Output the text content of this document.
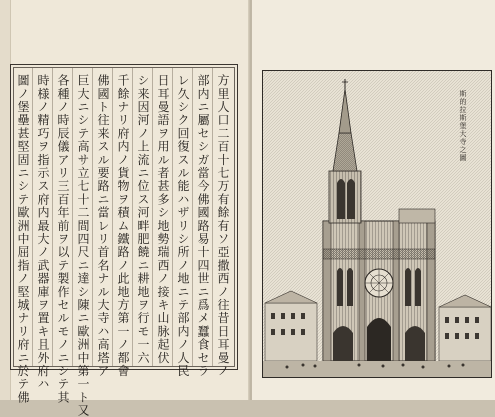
方里人口二百十七万有餘有ソ亞撒西ノ往昔日耳曼ノ
部内ニ屬セシガ當今佛國路易十四世ニ爲メ蠶食セラ
レ久シク回復スル能ハザリシ所ノ地ニテ部内ノ人民
日耳曼語ヲ用ル者甚多シ地勢瑞西ノ接キ山脉起伏
シ来因河ノ上流ニ位ス河畔肥饒ニ耕地ヲ行モ一六
千餘ナリ府内ノ貨物ヲ積ム鐵路ノ此地方第一ノ都會
佛國ト往来スル要路ニ當レリ首名ナル大寺ハ高塔ア
巨大ニシテ高サ立七十二間四尺ニ達シ陳ニ歐洲中第一ト又
各種ノ時辰儀アリ三百年前ヲ以テ製作セルモノニシテ其
時様ノ精巧ヲ指示ス府内最大ノ武器庫ヲ置キ且外府ハ
圖ノ堡壘甚堅固ニシテ歐洲中屈指ノ堅城ナリ府ニ於テ佛	斯的拉斯堡大寺之圖
